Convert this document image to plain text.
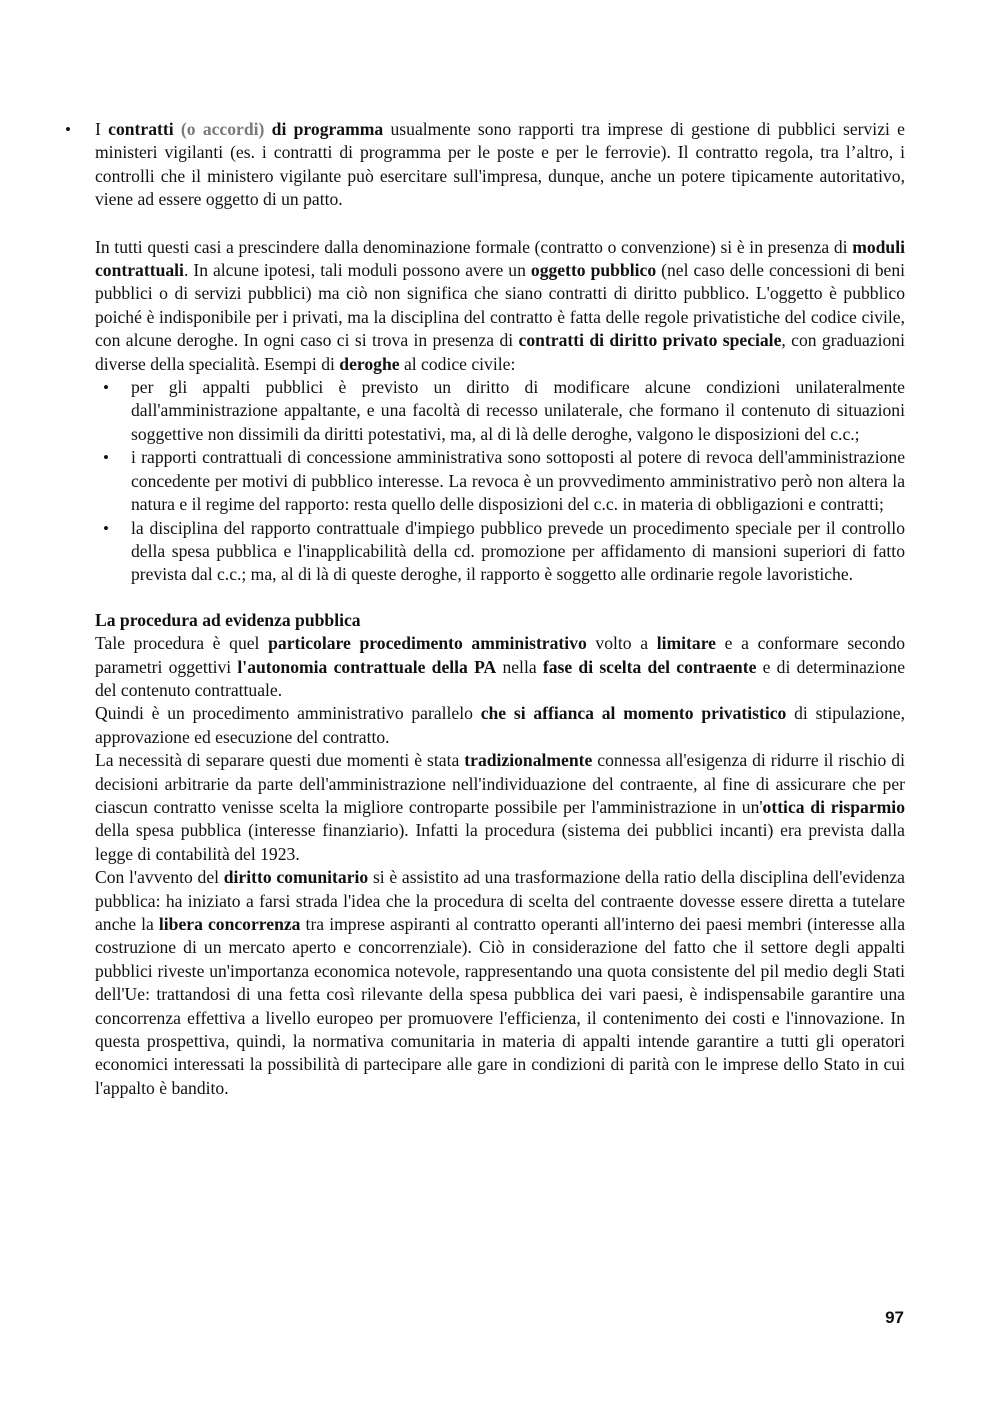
• I contratti (o accordi) di programma usualmente sono rapporti tra imprese di gestione di pubblici servizi e ministeri vigilanti (es. i contratti di programma per le poste e per le ferrovie). Il contratto regola, tra l’altro, i controlli che il ministero vigilante può esercitare sull'impresa, dunque, anche un potere tipicamente autoritativo, viene ad essere oggetto di un patto.

In tutti questi casi a prescindere dalla denominazione formale (contratto o convenzione) si è in presenza di moduli contrattuali. In alcune ipotesi, tali moduli possono avere un oggetto pubblico (nel caso delle concessioni di beni pubblici o di servizi pubblici) ma ciò non significa che siano contratti di diritto pubblico. L'oggetto è pubblico poiché è indisponibile per i privati, ma la disciplina del contratto è fatta delle regole privatistiche del codice civile, con alcune deroghe. In ogni caso ci si trova in presenza di contratti di diritto privato speciale, con graduazioni diverse della specialità. Esempi di deroghe al codice civile:

• per gli appalti pubblici è previsto un diritto di modificare alcune condizioni unilateralmente dall'amministrazione appaltante, e una facoltà di recesso unilaterale, che formano il contenuto di situazioni soggettive non dissimili da diritti potestativi, ma, al di là delle deroghe, valgono le disposizioni del c.c.;

• i rapporti contrattuali di concessione amministrativa sono sottoposti al potere di revoca dell'amministrazione concedente per motivi di pubblico interesse. La revoca è un provvedimento amministrativo però non altera la natura e il regime del rapporto: resta quello delle disposizioni del c.c. in materia di obbligazioni e contratti;

• la disciplina del rapporto contrattuale d'impiego pubblico prevede un procedimento speciale per il controllo della spesa pubblica e l'inapplicabilità della cd. promozione per affidamento di mansioni superiori di fatto prevista dal c.c.; ma, al di là di queste deroghe, il rapporto è soggetto alle ordinarie regole lavoristiche.

La procedura ad evidenza pubblica

Tale procedura è quel particolare procedimento amministrativo volto a limitare e a conformare secondo parametri oggettivi l'autonomia contrattuale della PA nella fase di scelta del contraente e di determinazione del contenuto contrattuale.

Quindi è un procedimento amministrativo parallelo che si affianca al momento privatistico di stipulazione, approvazione ed esecuzione del contratto.

La necessità di separare questi due momenti è stata tradizionalmente connessa all'esigenza di ridurre il rischio di decisioni arbitrarie da parte dell'amministrazione nell'individuazione del contraente, al fine di assicurare che per ciascun contratto venisse scelta la migliore controparte possibile per l'amministrazione in un'ottica di risparmio della spesa pubblica (interesse finanziario). Infatti la procedura (sistema dei pubblici incanti) era prevista dalla legge di contabilità del 1923.

Con l'avvento del diritto comunitario si è assistito ad una trasformazione della ratio della disciplina dell'evidenza pubblica: ha iniziato a farsi strada l'idea che la procedura di scelta del contraente dovesse essere diretta a tutelare anche la libera concorrenza tra imprese aspiranti al contratto operanti all'interno dei paesi membri (interesse alla costruzione di un mercato aperto e concorrenziale). Ciò in considerazione del fatto che il settore degli appalti pubblici riveste un'importanza economica notevole, rappresentando una quota consistente del pil medio degli Stati dell'Ue: trattandosi di una fetta così rilevante della spesa pubblica dei vari paesi, è indispensabile garantire una concorrenza effettiva a livello europeo per promuovere l'efficienza, il contenimento dei costi e l'innovazione. In questa prospettiva, quindi, la normativa comunitaria in materia di appalti intende garantire a tutti gli operatori economici interessati la possibilità di partecipare alle gare in condizioni di parità con le imprese dello Stato in cui l'appalto è bandito.

97
